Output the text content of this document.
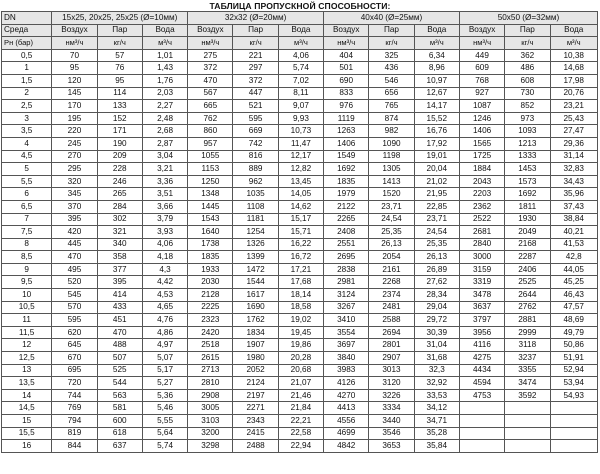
ТАБЛИЦА ПРОПУСКНОЙ СПОСОБНОСТИ:
DN	15x25, 20x25, 25x25 (Ø=10мм)			32x32 (Ø=20мм)			40x40 (Ø=25мм)			50x50 (Ø=32мм)		
Среда	Воздух	Пар	Вода	Воздух	Пар	Вода	Воздух	Пар	Вода	Воздух	Пар	Вода
Рн (бар)	нм³/ч	кг/ч	м³/ч	нм³/ч	кг/ч	м³/ч	нм³/ч	кг/ч	м³/ч	нм³/ч	кг/ч	м³/ч
0,5	70	57	1,01	275	221	4,06	404	325	6,34	449	362	10,38
1	95	76	1,43	372	297	5,74	501	436	8,96	609	486	14,68
1,5	120	95	1,76	470	372	7,02	690	546	10,97	768	608	17,98
2	145	114	2,03	567	447	8,11	833	656	12,67	927	730	20,76
2,5	170	133	2,27	665	521	9,07	976	765	14,17	1087	852	23,21
3	195	152	2,48	762	595	9,93	1119	874	15,52	1246	973	25,43
3,5	220	171	2,68	860	669	10,73	1263	982	16,76	1406	1093	27,47
4	245	190	2,87	957	742	11,47	1406	1090	17,92	1565	1213	29,36
4,5	270	209	3,04	1055	816	12,17	1549	1198	19,01	1725	1333	31,14
5	295	228	3,21	1153	889	12,82	1692	1305	20,04	1884	1453	32,83
5,5	320	246	3,36	1250	962	13,45	1835	1413	21,02	2043	1573	34,43
6	345	265	3,51	1348	1035	14,05	1979	1520	21,95	2203	1692	35,96
6,5	370	284	3,66	1445	1108	14,62	2122	23,71	22,85	2362	1811	37,43
7	395	302	3,79	1543	1181	15,17	2265	24,54	23,71	2522	1930	38,84
7,5	420	321	3,93	1640	1254	15,71	2408	25,35	24,54	2681	2049	40,21
8	445	340	4,06	1738	1326	16,22	2551	26,13	25,35	2840	2168	41,53
8,5	470	358	4,18	1835	1399	16,72	2695	2054	26,13	3000	2287	42,8
9	495	377	4,3	1933	1472	17,21	2838	2161	26,89	3159	2406	44,05
9,5	520	395	4,42	2030	1544	17,68	2981	2268	27,62	3319	2525	45,25
10	545	414	4,53	2128	1617	18,14	3124	2374	28,34	3478	2644	46,43
10,5	570	433	4,65	2225	1690	18,58	3267	2481	29,04	3637	2762	47,57
11	595	451	4,76	2323	1762	19,02	3410	2588	29,72	3797	2881	48,69
11,5	620	470	4,86	2420	1834	19,45	3554	2694	30,39	3956	2999	49,79
12	645	488	4,97	2518	1907	19,86	3697	2801	31,04	4116	3118	50,86
12,5	670	507	5,07	2615	1980	20,28	3840	2907	31,68	4275	3237	51,91
13	695	525	5,17	2713	2052	20,68	3983	3013	32,3	4434	3355	52,94
13,5	720	544	5,27	2810	2124	21,07	4126	3120	32,92	4594	3474	53,94
14	744	563	5,36	2908	2197	21,46	4270	3226	33,53	4753	3592	54,93
14,5	769	581	5,46	3005	2271	21,84	4413	3334	34,12			
15	794	600	5,55	3103	2343	22,21	4556	3440	34,71			
15,5	819	618	5,64	3200	2415	22,58	4699	3546	35,28			
16	844	637	5,74	3298	2488	22,94	4842	3653	35,84			
